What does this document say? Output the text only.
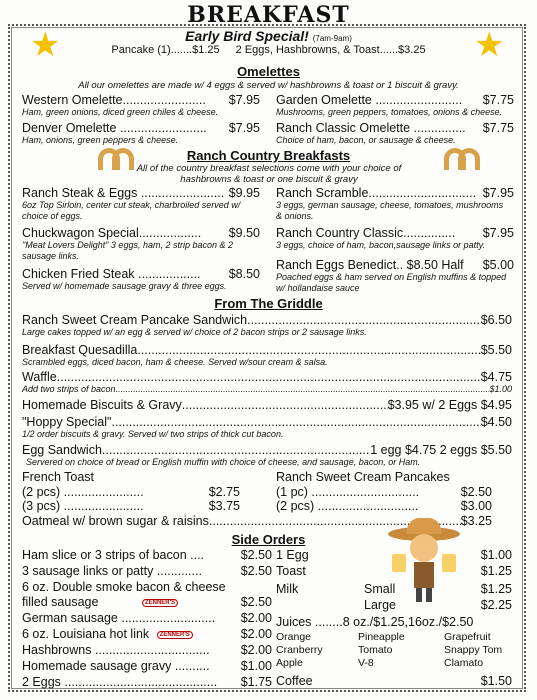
BREAKFAST
★	★
Early Bird Special! (7am-9am)
Pancake (1).......$1.25 2 Eggs, Hashbrowns, & Toast......$3.25
Omelettes
All our omelettes are made w/ 4 eggs & served w/ hashbrowns & toast or 1 biscuit & gravy.
Western Omelette........................ $7.95
Ham, green onions, diced green chiles & cheese.
Garden Omelette ......................... $7.75
Mushrooms, green peppers, tomatoes, onions & cheese.
Denver Omelette ......................... $7.95
Ham, onions, green peppers & cheese.
Ranch Classic Omelette ............... $7.75
Choice of ham, bacon, or sausage & cheese.
Ranch Country Breakfasts
All of the country breakfast selections come with your choice of hashbrowns & toast or one biscuit & gravy
Ranch Steak & Eggs ........................ $9.95
6oz Top Sirloin, center cut steak, charbroiled served w/ choice of eggs.
Ranch Scramble............................... $7.95
3 eggs, german sausage, cheese, tomatoes, mushrooms & onions.
Chuckwagon Special.................. $9.50
"Meat Lovers Delight" 3 eggs, ham, 2 strip bacon & 2 sausage links.
Ranch Country Classic............... $7.95
3 eggs, choice of ham, bacon,sausage links or patty.
Chicken Fried Steak .................. $8.50
Served w/ homemade sausage gravy & three eggs.
Ranch Eggs Benedict.. $8.50 Half $5.00
Poached eggs & ham served on English muffins & topped w/ hollandaise sauce
From The Griddle
Ranch Sweet Cream Pancake Sandwich .....	$6.50
Large cakes topped w/ an egg & served w/ choice of 2 bacon strips or 2 sausage links.
Breakfast Quesadilla .....	$5.50
Scrambled eggs, diced bacon, ham & cheese. Served w/sour cream & salsa.
Waffle .....	$4.75
Add two strips of bacon .....	$1.00
Homemade Biscuits & Gravy .....	$3.95 w/ 2 Eggs $4.95
"Hoppy Special" .....	$4.50
1/2 order biscuits & gravy. Served w/ two strips of thick cut bacon.
Egg Sandwich .....	1 egg $4.75 2 eggs $5.50
Servered on choice of bread or English muffin with choice of cheese, and sausage, bacon, or Ham.
French Toast
(2 pcs) .......................	$2.75
(3 pcs) .......................	$3.75
Ranch Sweet Cream Pancakes
(1 pc) ...............................	$2.50
(2 pcs) .............................	$3.00
Oatmeal w/ brown sugar & raisins .....	$3.25
Side Orders
Ham slice or 3 strips of bacon ....	$2.50
3 sausage links or patty .............	$2.50
6 oz. Double smoke bacon & cheese
filled sausage	ZENNER'S	$2.50
German sausage ........................... $2.00
6 oz. Louisiana hot link ZENNER'S	$2.00
Hashbrowns ................................. $2.00
Homemade sausage gravy .......... $1.00
2 Eggs ............................................ $1.75
1 Egg	$1.00
Toast	$1.25
Milk	Small	$1.25
Large	$2.25
Juices ........8 oz./$1.25,16oz./$2.50
Orange	Pineapple	Grapefruit
Cranberry	Tomato	Snappy Tom
Apple	V-8	Clamato
Coffee	$1.50
